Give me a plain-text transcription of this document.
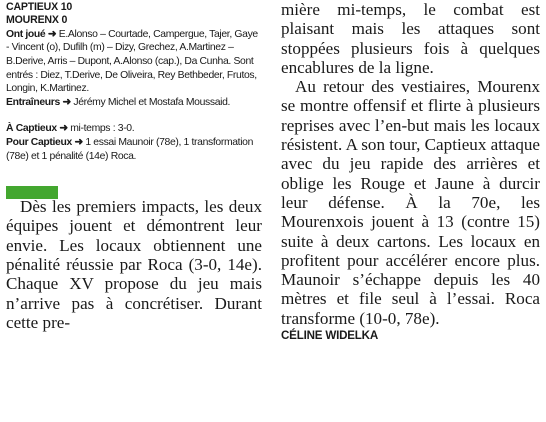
CAPTIEUX 10

MOURENX 0

Ont joué ➜ E.Alonso – Courtade, Campergue, Tajer, Gaye - Vincent (o), Dufilh (m) – Dizy, Grechez, A.Martinez – B.Derive, Arris – Dupont, A.Alonso (cap.), Da Cunha. Sont entrés : Diez, T.Derive, De Oliveira, Rey Bethbeder, Frutos, Longin, K.Martinez.

Entraîneurs ➜ Jérémy Michel et Mostafa Moussaid.

À Captieux ➜ mi-temps : 3-0.

Pour Captieux ➜ 1 essai Maunoir (78e), 1 transformation (78e) et 1 pénalité (14e) Roca.

Dès les premiers impacts, les deux équipes jouent et démontrent leur envie. Les locaux obtiennent une pénalité réussie par Roca (3-0, 14e). Chaque XV propose du jeu mais n’arrive pas à concrétiser. Durant cette pre-

mière mi-temps, le combat est plaisant mais les attaques sont stoppées plusieurs fois à quelques encablures de la ligne.

Au retour des vestiaires, Mourenx se montre offensif et flirte à plusieurs reprises avec l’en-but mais les locaux résistent. A son tour, Captieux attaque avec du jeu rapide des arrières et oblige les Rouge et Jaune à durcir leur défense. À la 70e, les Mourenxois jouent à 13 (contre 15) suite à deux cartons. Les locaux en profitent pour accélérer encore plus. Maunoir s’échappe depuis les 40 mètres et file seul à l’essai. Roca transforme (10-0, 78e).

CÉLINE WIDELKA
